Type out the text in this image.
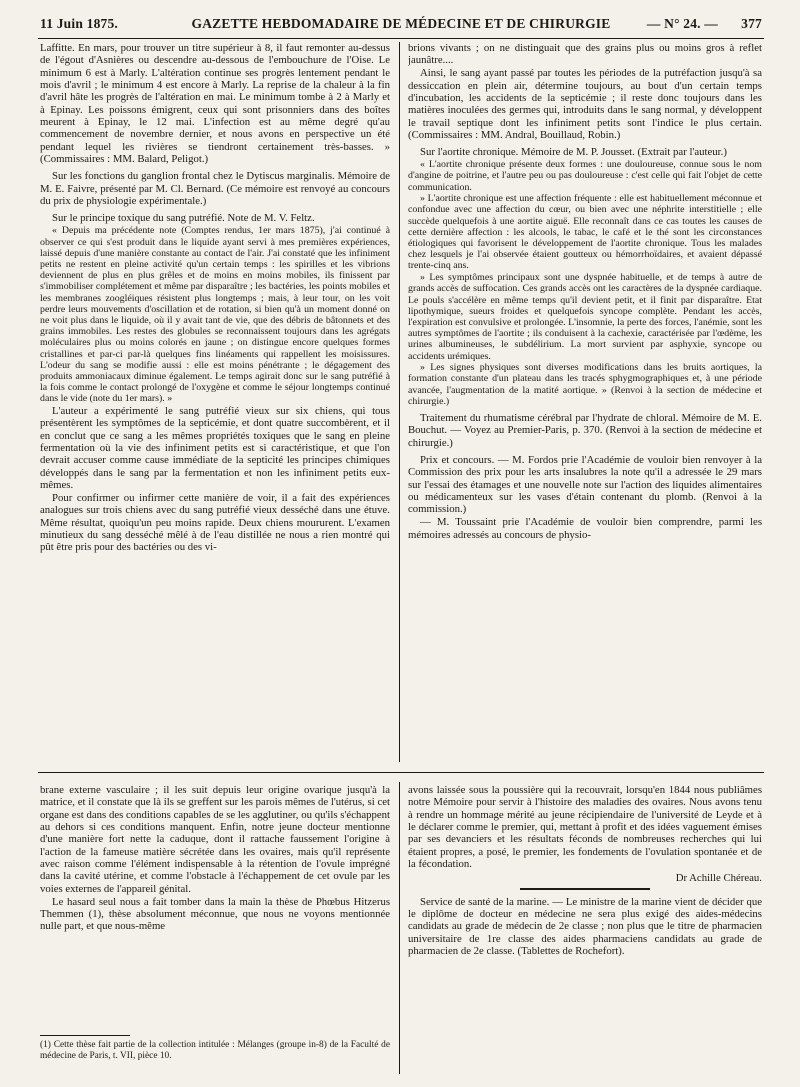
11 Juin 1875.	GAZETTE HEBDOMADAIRE DE MÉDECINE ET DE CHIRURGIE	— N° 24. — 377

Laffitte. En mars, pour trouver un titre supérieur à 8, il faut remonter au-dessus de l'égout d'Asnières ou descendre au-dessous de l'embouchure de l'Oise. Le minimum 6 est à Marly. L'altération continue ses progrès lentement pendant le mois d'avril ; le minimum 4 est encore à Marly. La reprise de la chaleur à la fin d'avril hâte les progrès de l'altération en mai. Le minimum tombe à 2 à Marly et à Epinay. Les poissons émigrent, ceux qui sont prisonniers dans des boîtes meurent à Epinay, le 12 mai. L'infection est au même degré qu'au commencement de novembre dernier, et nous avons en perspective un été pendant lequel les rivières se tiendront certainement très-basses. » (Commissaires : MM. Balard, Peligot.)

Sur les fonctions du ganglion frontal chez le Dytiscus marginalis. Mémoire de M. E. Faivre, présenté par M. Cl. Bernard. (Ce mémoire est renvoyé au concours du prix de physiologie expérimentale.)

Sur le principe toxique du sang putréfié. Note de M. V. Feltz.

« Depuis ma précédente note (Comptes rendus, 1er mars 1875), j'ai continué à observer ce qui s'est produit dans le liquide ayant servi à mes premières expériences, laissé depuis d'une manière constante au contact de l'air. J'ai constaté que les infiniment petits ne restent en pleine activité qu'un certain temps : les spirilles et les vibrions deviennent de plus en plus grêles et de moins en moins mobiles, ils finissent par s'immobiliser complétement et même par disparaître ; les bactéries, les points mobiles et les membranes zoogléiques résistent plus longtemps ; mais, à leur tour, on les voit perdre leurs mouvements d'oscillation et de rotation, si bien qu'à un moment donné on ne voit plus dans le liquide, où il y avait tant de vie, que des débris de bâtonnets et des grains immobiles. Les restes des globules se reconnaissent toujours dans les agrégats moléculaires plus ou moins colorés en jaune ; on distingue encore quelques formes cristallines et par-ci par-là quelques fins linéaments qui rappellent les moisissures. L'odeur du sang se modifie aussi : elle est moins pénétrante ; le dégagement des produits ammoniacaux diminue également. Le temps agirait donc sur le sang putréfié à la fois comme le contact prolongé de l'oxygène et comme le séjour longtemps continué dans le vide (note du 1er mars). »

L'auteur a expérimenté le sang putréfié vieux sur six chiens, qui tous présentèrent les symptômes de la septicémie, et dont quatre succombèrent, et il en conclut que ce sang a les mêmes propriétés toxiques que le sang en pleine fermentation où la vie des infiniment petits est si caractéristique, et que l'on devrait accuser comme cause immédiate de la septicité les principes chimiques développés dans le sang par la fermentation et non les infiniment petits eux-mêmes.

Pour confirmer ou infirmer cette manière de voir, il a fait des expériences analogues sur trois chiens avec du sang putréfié vieux desséché dans une étuve. Même résultat, quoiqu'un peu moins rapide. Deux chiens moururent. L'examen minutieux du sang desséché mêlé à de l'eau distillée ne nous a rien montré qui pût être pris pour des bactéries ou des vi-

brions vivants ; on ne distinguait que des grains plus ou moins gros à reflet jaunâtre....

Ainsi, le sang ayant passé par toutes les périodes de la putréfaction jusqu'à sa dessiccation en plein air, détermine toujours, au bout d'un certain temps d'incubation, les accidents de la septicémie ; il reste donc toujours dans les matières inoculées des germes qui, introduits dans le sang normal, y développent le travail septique dont les infiniment petits sont l'indice le plus certain. (Commissaires : MM. Andral, Bouillaud, Robin.)

Sur l'aortite chronique. Mémoire de M. P. Jousset. (Extrait par l'auteur.)

« L'aortite chronique présente deux formes : une douloureuse, connue sous le nom d'angine de poitrine, et l'autre peu ou pas douloureuse : c'est celle qui fait l'objet de cette communication.

» L'aortite chronique est une affection fréquente : elle est habituellement méconnue et confondue avec une affection du cœur, ou bien avec une néphrite interstitielle ; elle succède quelquefois à une aortite aiguë. Elle reconnaît dans ce cas toutes les causes de cette dernière affection : les alcools, le tabac, le café et le thé sont les circonstances étiologiques qui favorisent le développement de l'aortite chronique. Tous les malades chez lesquels je l'ai observée étaient goutteux ou hémorrhoïdaires, et avaient dépassé trente-cinq ans.

» Les symptômes principaux sont une dyspnée habituelle, et de temps à autre de grands accès de suffocation. Ces grands accès ont les caractères de la dyspnée cardiaque. Le pouls s'accélère en même temps qu'il devient petit, et il finit par disparaître. Etat lipothymique, sueurs froides et quelquefois syncope complète. Pendant les accès, l'expiration est convulsive et prolongée. L'insomnie, la perte des forces, l'anémie, sont les autres symptômes de l'aortite ; ils conduisent à la cachexie, caractérisée par l'œdème, les urines albumineuses, le subdélirium. La mort survient par asphyxie, syncope ou accidents urémiques.

» Les signes physiques sont diverses modifications dans les bruits aortiques, la formation constante d'un plateau dans les tracés sphygmographiques et, à une période avancée, l'augmentation de la matité aortique. » (Renvoi à la section de médecine et chirurgie.)

Traitement du rhumatisme cérébral par l'hydrate de chloral. Mémoire de M. E. Bouchut. — Voyez au Premier-Paris, p. 370. (Renvoi à la section de médecine et chirurgie.)

Prix et concours. — M. Fordos prie l'Académie de vouloir bien renvoyer à la Commission des prix pour les arts insalubres la note qu'il a adressée le 29 mars sur l'essai des étamages et une nouvelle note sur l'action des liquides alimentaires ou médicamenteux sur les vases d'étain contenant du plomb. (Renvoi à la commission.)

— M. Toussaint prie l'Académie de vouloir bien comprendre, parmi les mémoires adressés au concours de physio-

brane externe vasculaire ; il les suit depuis leur origine ovarique jusqu'à la matrice, et il constate que là ils se greffent sur les parois mêmes de l'utérus, si cet organe est dans des conditions capables de se les agglutiner, ou qu'ils s'échappent au dehors si ces conditions manquent. Enfin, notre jeune docteur mentionne d'une manière fort nette la caduque, dont il rattache faussement l'origine à l'action de la fameuse matière sécrétée dans les ovaires, mais qu'il représente avec raison comme l'élément indispensable à la rétention de l'ovule imprégné dans la cavité utérine, et comme l'obstacle à l'échappement de cet ovule par les voies externes de l'appareil génital.

Le hasard seul nous a fait tomber dans la main la thèse de Phœbus Hitzerus Themmen (1), thèse absolument méconnue, que nous ne voyons mentionnée nulle part, et que nous-même

avons laissée sous la poussière qui la recouvrait, lorsqu'en 1844 nous publiâmes notre Mémoire pour servir à l'histoire des maladies des ovaires. Nous avons tenu à rendre un hommage mérité au jeune récipiendaire de l'université de Leyde et à le déclarer comme le premier, qui, mettant à profit et des idées vaguement émises par ses devanciers et les résultats féconds de nombreuses recherches qui lui étaient propres, a posé, le premier, les fondements de l'ovulation spontanée et de la fécondation.

Dr Achille Chéreau.

Service de santé de la marine. — Le ministre de la marine vient de décider que le diplôme de docteur en médecine ne sera plus exigé des aides-médecins candidats au grade de médecin de 2e classe ; non plus que le titre de pharmacien universitaire de 1re classe des aides pharmaciens candidats au grade de pharmacien de 2e classe. (Tablettes de Rochefort).

(1) Cette thèse fait partie de la collection intitulée : Mélanges (groupe in-8) de la Faculté de médecine de Paris, t. VII, pièce 10.
